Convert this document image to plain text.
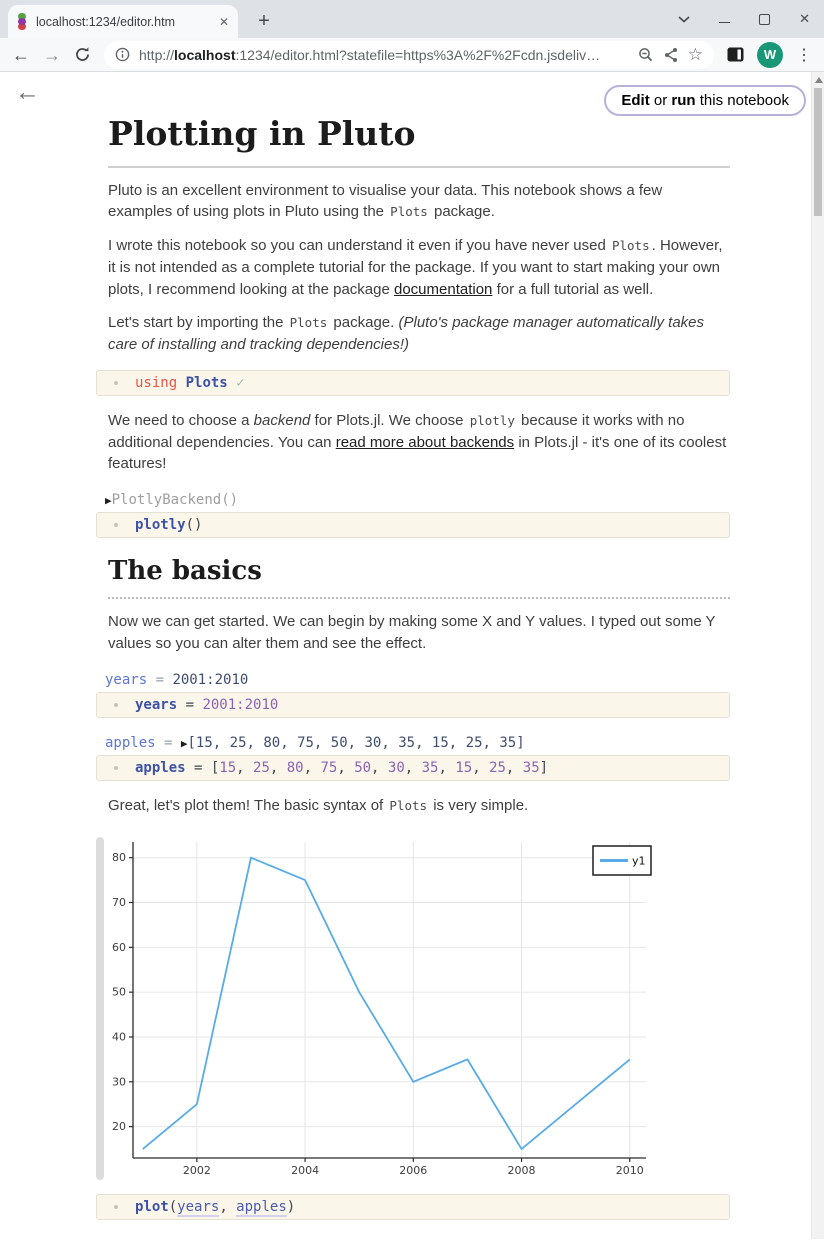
localhost:1234/editor.htm	✕	+	✕
← →	http://localhost:1234/editor.html?statefile=https%3A%2F%2Fcdn.jsdeliv…	☆	W	⋮
←	Edit or run this notebook
Plotting in Pluto

Pluto is an excellent environment to visualise your data. This notebook shows a few examples of using plots in Pluto using the Plots package.

I wrote this notebook so you can understand it even if you have never used Plots . However, it is not intended as a complete tutorial for the package. If you want to start making your own plots, I recommend looking at the package documentation for a full tutorial as well.

Let's start by importing the Plots package. (Pluto's package manager automatically takes care of installing and tracking dependencies!)

using Plots ✓

We need to choose a backend for Plots.jl. We choose plotly because it works with no additional dependencies. You can read more about backends in Plots.jl - it's one of its coolest features!

▶PlotlyBackend()
plotly()
The basics

Now we can get started. We can begin by making some X and Y values. I typed out some Y values so you can alter them and see the effect.

years = 2001:2010
years = 2001:2010
apples = ▶[15, 25, 80, 75, 50, 30, 35, 15, 25, 35]
apples = [15, 25, 80, 75, 50, 30, 35, 15, 25, 35]

Great, let's plot them! The basic syntax of Plots is very simple.

2002	2004	2006	2008	2010
20
30
40
50
60
70
80	y1
plot(years, apples)
